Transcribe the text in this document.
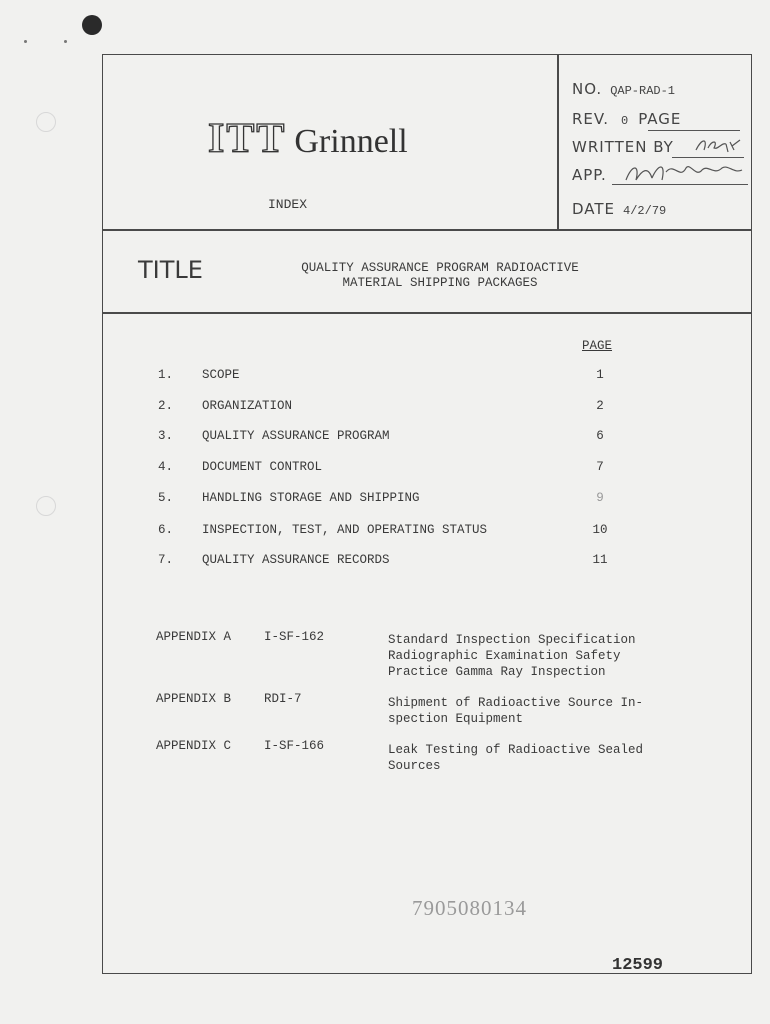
ITT Grinnell
INDEX
NO. QAP-RAD-1
REV. 0 PAGE
WRITTEN BY
APP.
DATE 4/2/79
TITLE	QUALITY ASSURANCE PROGRAM RADIOACTIVE
MATERIAL SHIPPING PACKAGES
PAGE
1. SCOPE	1
2. ORGANIZATION	2
3. QUALITY ASSURANCE PROGRAM	6
4. DOCUMENT CONTROL	7
5. HANDLING STORAGE AND SHIPPING	9
6. INSPECTION, TEST, AND OPERATING STATUS	10
7. QUALITY ASSURANCE RECORDS	11
APPENDIX A	I-SF-162	Standard Inspection Specification
Radiographic Examination Safety
Practice Gamma Ray Inspection
APPENDIX B	RDI-7	Shipment of Radioactive Source In-
spection Equipment
APPENDIX C	I-SF-166	Leak Testing of Radioactive Sealed
Sources
7905080134
12599
